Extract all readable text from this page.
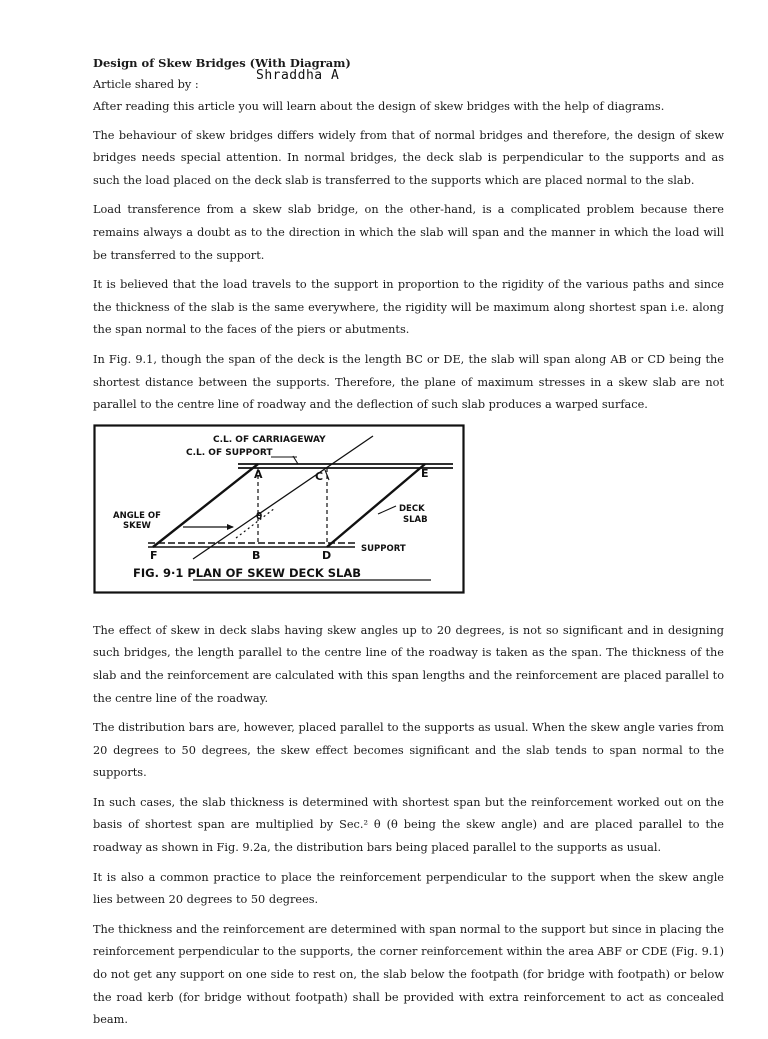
Design of Skew Bridges (With Diagram)
Article shared by :
Shraddha A

After reading this article you will learn about the design of skew bridges with the help of diagrams.

The behaviour of skew bridges differs widely from that of normal bridges and therefore, the design of skew bridges needs special attention. In normal bridges, the deck slab is perpendicular to the supports and as such the load placed on the deck slab is transferred to the supports which are placed normal to the slab.

Load transference from a skew slab bridge, on the other-hand, is a complicated problem because there remains always a doubt as to the direction in which the slab will span and the manner in which the load will be transferred to the support.

It is believed that the load travels to the support in proportion to the rigidity of the various paths and since the thickness of the slab is the same everywhere, the rigidity will be maximum along shortest span i.e. along the span normal to the faces of the piers or abutments.

In Fig. 9.1, though the span of the deck is the length BC or DE, the slab will span along AB or CD being the shortest distance between the supports. Therefore, the plane of maximum stresses in a skew slab are not parallel to the centre line of roadway and the deflection of such slab produces a warped surface.

C.L. OF CARRIAGEWAY
C.L. OF SUPPORT
ANGLE OF
SKEW
DECK
SLAB
SUPPORT
θ
A
B
C
D
E
F
FIG. 9·1 PLAN OF SKEW DECK SLAB

The effect of skew in deck slabs having skew angles up to 20 degrees, is not so significant and in designing such bridges, the length parallel to the centre line of the roadway is taken as the span. The thickness of the slab and the reinforcement are calculated with this span lengths and the reinforcement are placed parallel to the centre line of the roadway.

The distribution bars are, however, placed parallel to the supports as usual. When the skew angle varies from 20 degrees to 50 degrees, the skew effect becomes significant and the slab tends to span normal to the supports.

In such cases, the slab thickness is determined with shortest span but the reinforcement worked out on the basis of shortest span are multiplied by Sec.² θ (θ being the skew angle) and are placed parallel to the roadway as shown in Fig. 9.2a, the distribution bars being placed parallel to the supports as usual.

It is also a common practice to place the reinforcement perpendicular to the support when the skew angle lies between 20 degrees to 50 degrees.

The thickness and the reinforcement are determined with span normal to the support but since in placing the reinforcement perpendicular to the supports, the corner reinforcement within the area ABF or CDE (Fig. 9.1) do not get any support on one side to rest on, the slab below the footpath (for bridge with footpath) or below the road kerb (for bridge without footpath) shall be provided with extra reinforcement to act as concealed beam.
